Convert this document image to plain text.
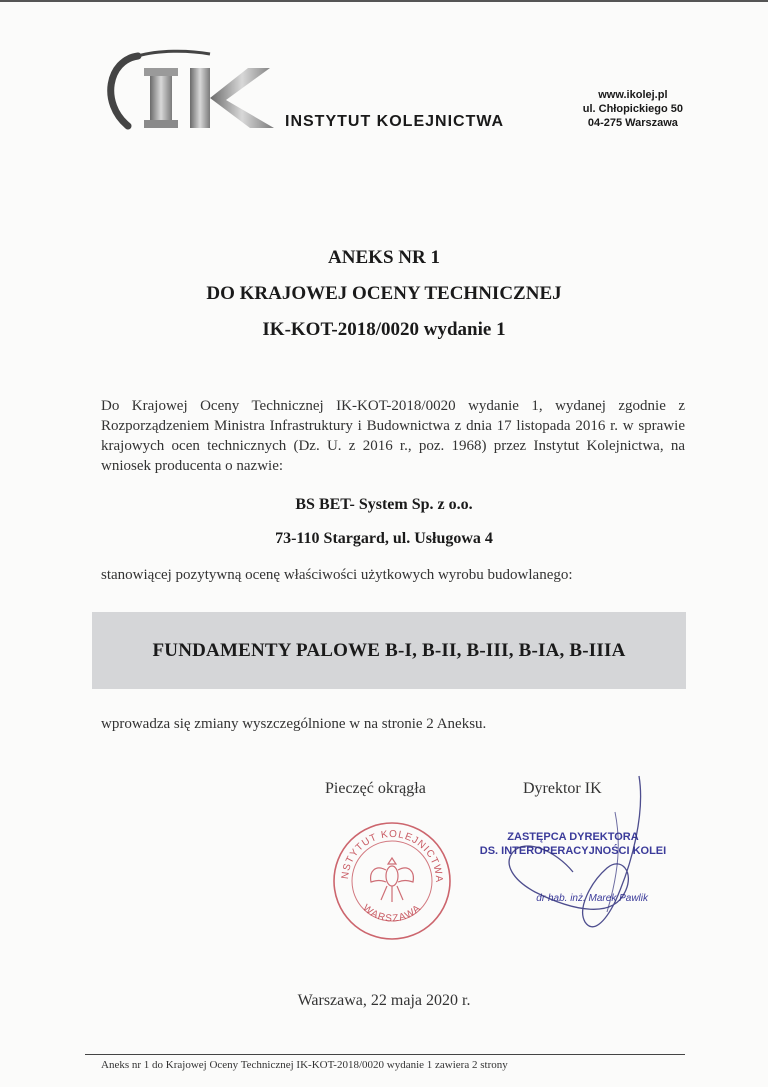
INSTYTUT KOLEJNICTWA
www.ikolej.pl
ul. Chłopickiego 50
04-275 Warszawa
ANEKS NR 1
DO KRAJOWEJ OCENY TECHNICZNEJ
IK-KOT-2018/0020 wydanie 1
Do Krajowej Oceny Technicznej IK-KOT-2018/0020 wydanie 1, wydanej zgodnie z Rozporządzeniem Ministra Infrastruktury i Budownictwa z dnia 17 listopada 2016 r. w sprawie krajowych ocen technicznych (Dz. U. z 2016 r., poz. 1968) przez Instytut Kolejnictwa, na wniosek producenta o nazwie:
BS BET- System Sp. z o.o.
73-110 Stargard, ul. Usługowa 4
stanowiącej pozytywną ocenę właściwości użytkowych wyrobu budowlanego:
FUNDAMENTY PALOWE B-I, B-II, B-III, B-IA, B-IIIA
wprowadza się zmiany wyszczególnione w na stronie 2 Aneksu.
Pieczęć okrągła	Dyrektor IK
NSTYTUT KOLEJNICTWA
WARSZAWA
ZASTĘPCA DYREKTORA
DS. INTEROPERACYJNOŚCI KOLEI
dr hab. inż. Marek Pawlik
Warszawa, 22 maja 2020 r.
Aneks nr 1 do Krajowej Oceny Technicznej IK-KOT-2018/0020 wydanie 1 zawiera 2 strony
